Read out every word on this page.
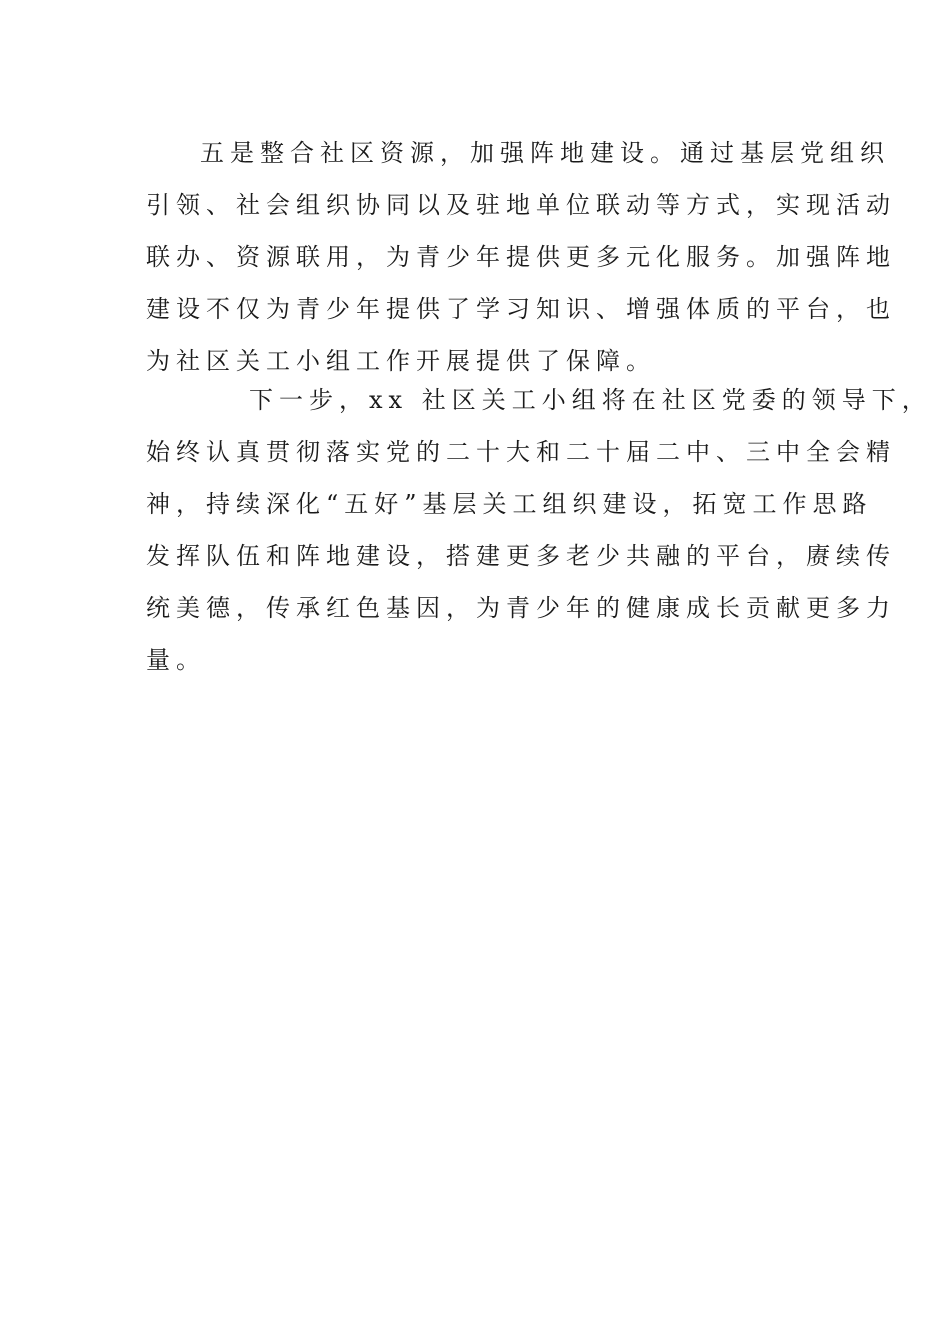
五是整合社区资源，加强阵地建设。通过基层党组织
引领、社会组织协同以及驻地单位联动等方式，实现活动
联办、资源联用，为青少年提供更多元化服务。加强阵地
建设不仅为青少年提供了学习知识、增强体质的平台，也
为社区关工小组工作开展提供了保障。
下一步，xx 社区关工小组将在社区党委的领导下，
始终认真贯彻落实党的二十大和二十届二中、三中全会精
神，持续深化“五好”基层关工组织建设，拓宽工作思路
发挥队伍和阵地建设，搭建更多老少共融的平台，赓续传
统美德，传承红色基因，为青少年的健康成长贡献更多力
量。
